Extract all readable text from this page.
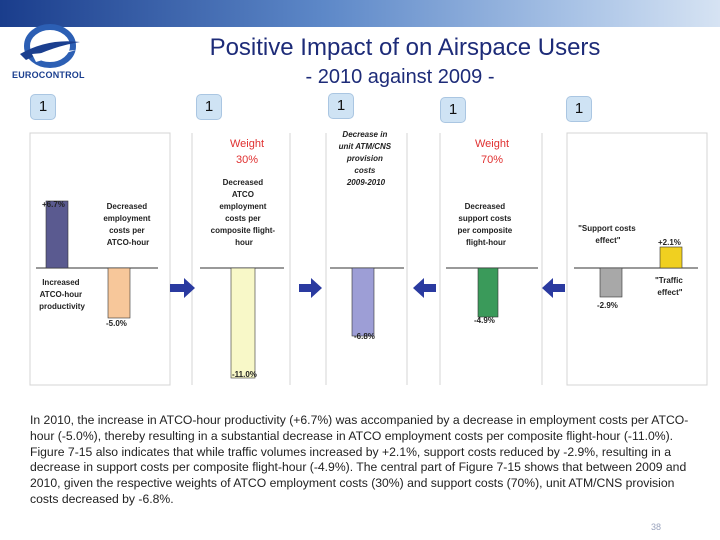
EUROCONTROL
Positive Impact of on Airspace Users
- 2010 against 2009 -
1	1	1	1	1
+6.7%
-5.0%
-11.0%
-6.8%
-4.9%
-2.9%
+2.1%
Decreased employment costs per ATCO-hour
Increased ATCO-hour productivity
Weight
30%
Decreased ATCO employment costs per composite flight- hour
Decrease in unit ATM/CNS provision costs 2009-2010
Weight
70%
Decreased support costs per composite flight-hour
"Support costs effect"
"Traffic effect"
In 2010, the increase in ATCO-hour productivity (+6.7%) was accompanied by a decrease in employment costs per ATCO-hour (-5.0%), thereby resulting in a substantial decrease in ATCO employment costs per composite flight-hour (-11.0%). Figure 7-15 also indicates that while traffic volumes increased by +2.1%, support costs reduced by -2.9%, resulting in a decrease in support costs per composite flight-hour (-4.9%). The central part of Figure 7-15 shows that between 2009 and 2010, given the respective weights of ATCO employment costs (30%) and support costs (70%), unit ATM/CNS provision costs decreased by -6.8%.
38
